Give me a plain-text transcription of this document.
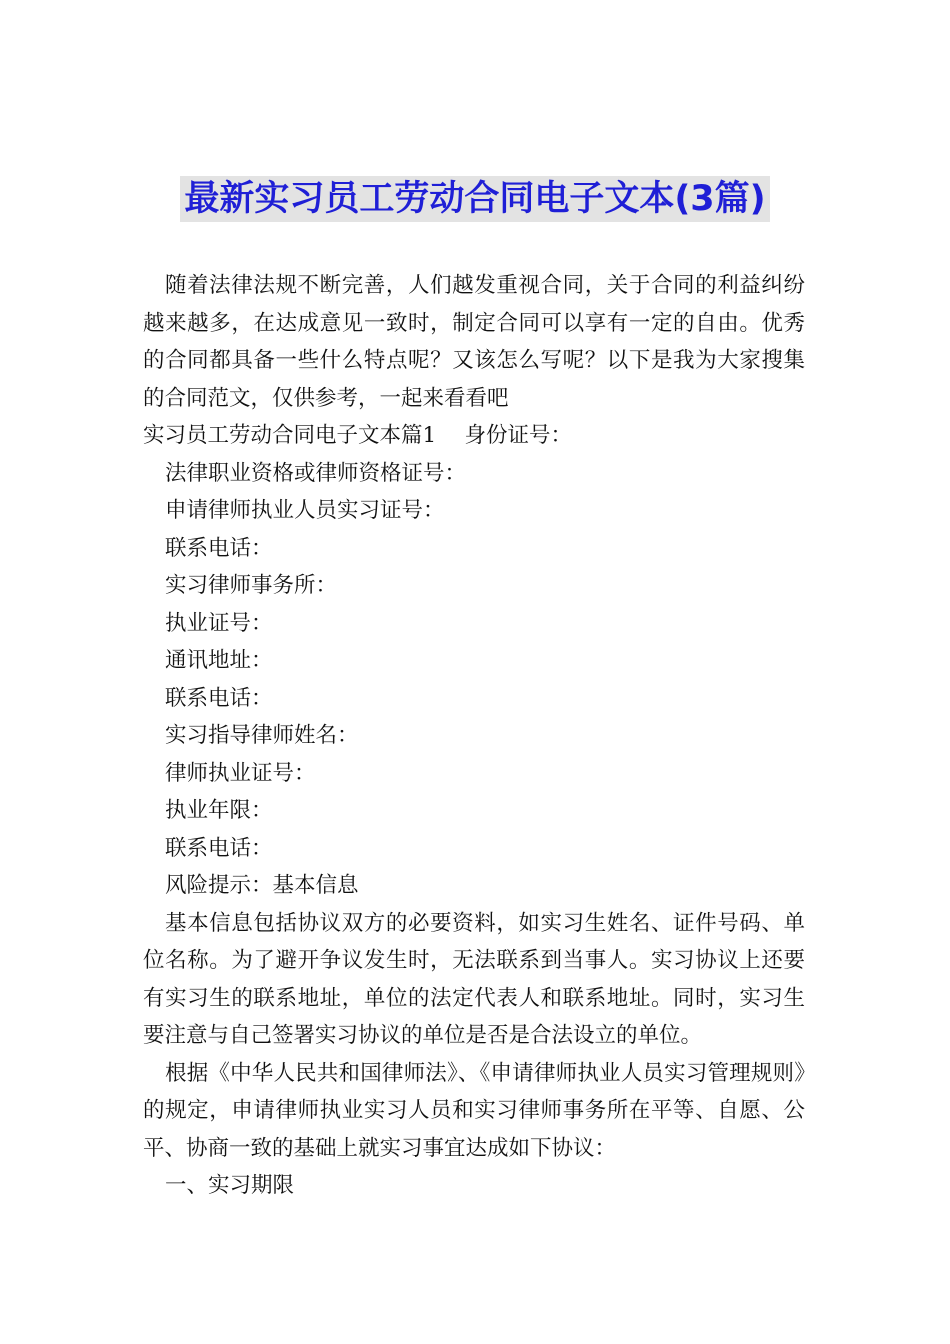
最新实习员工劳动合同电子文本(3篇)

随着法律法规不断完善，人们越发重视合同，关于合同的利益纠纷越来越多，在达成意见一致时，制定合同可以享有一定的自由。优秀的合同都具备一些什么特点呢？又该怎么写呢？以下是我为大家搜集的合同范文，仅供参考，一起来看看吧

实习员工劳动合同电子文本篇1　 身份证号：

法律职业资格或律师资格证号：

申请律师执业人员实习证号：

联系电话：

实习律师事务所：

执业证号：

通讯地址：

联系电话：

实习指导律师姓名：

律师执业证号：

执业年限：

联系电话：

风险提示：基本信息

基本信息包括协议双方的必要资料，如实习生姓名、证件号码、单位名称。为了避开争议发生时，无法联系到当事人。实习协议上还要有实习生的联系地址，单位的法定代表人和联系地址。同时，实习生要注意与自己签署实习协议的单位是否是合法设立的单位。

根据《中华人民共和国律师法》、《申请律师执业人员实习管理规则》的规定，申请律师执业实习人员和实习律师事务所在平等、自愿、公平、协商一致的基础上就实习事宜达成如下协议：

一、实习期限
